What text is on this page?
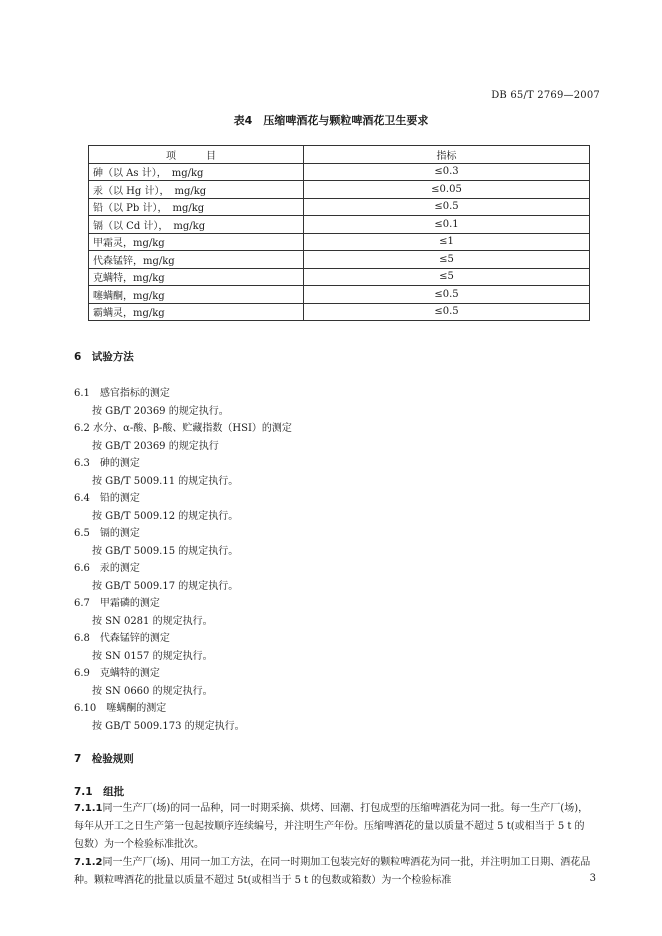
DB 65/T 2769—2007
表4　压缩啤酒花与颗粒啤酒花卫生要求
项　目	指标
砷（以 As 计），　mg/kg	≤0.3
汞（以 Hg 计），　mg/kg	≤0.05
铅（以 Pb 计），　mg/kg	≤0.5
镉（以 Cd 计），　mg/kg	≤0.1
甲霜灵，mg/kg	≤1
代森锰锌，mg/kg	≤5
克螨特，mg/kg	≤5
噻螨酮，mg/kg	≤0.5
霸螨灵，mg/kg	≤0.5
6　试验方法
6.1　感官指标的测定
按 GB/T 20369 的规定执行。
6.2 水分、α-酸、β-酸、贮藏指数（HSI）的测定
按 GB/T 20369 的规定执行
6.3　砷的测定
按 GB/T 5009.11 的规定执行。
6.4　铅的测定
按 GB/T 5009.12 的规定执行。
6.5　镉的测定
按 GB/T 5009.15 的规定执行。
6.6　汞的测定
按 GB/T 5009.17 的规定执行。
6.7　甲霜磷的测定
按 SN 0281 的规定执行。
6.8　代森锰锌的测定
按 SN 0157 的规定执行。
6.9　克螨特的测定
按 SN 0660 的规定执行。
6.10　噻螨酮的测定
按 GB/T 5009.173 的规定执行。
7　检验规则
7.1　组批
7.1.1同一生产厂(场)的同一品种，同一时期采摘、烘烤、回潮、打包成型的压缩啤酒花为同一批。每一生产厂(场)，每年从开工之日生产第一包起按顺序连续编号，并注明生产年份。压缩啤酒花的量以质量不超过 5 t(或相当于 5 t 的包数）为一个检验标准批次。
7.1.2同一生产厂(场)、用同一加工方法，在同一时期加工包装完好的颗粒啤酒花为同一批，并注明加工日期、酒花品种。颗粒啤酒花的批量以质量不超过 5t(或相当于 5 t 的包数或箱数）为一个检验标准	3
